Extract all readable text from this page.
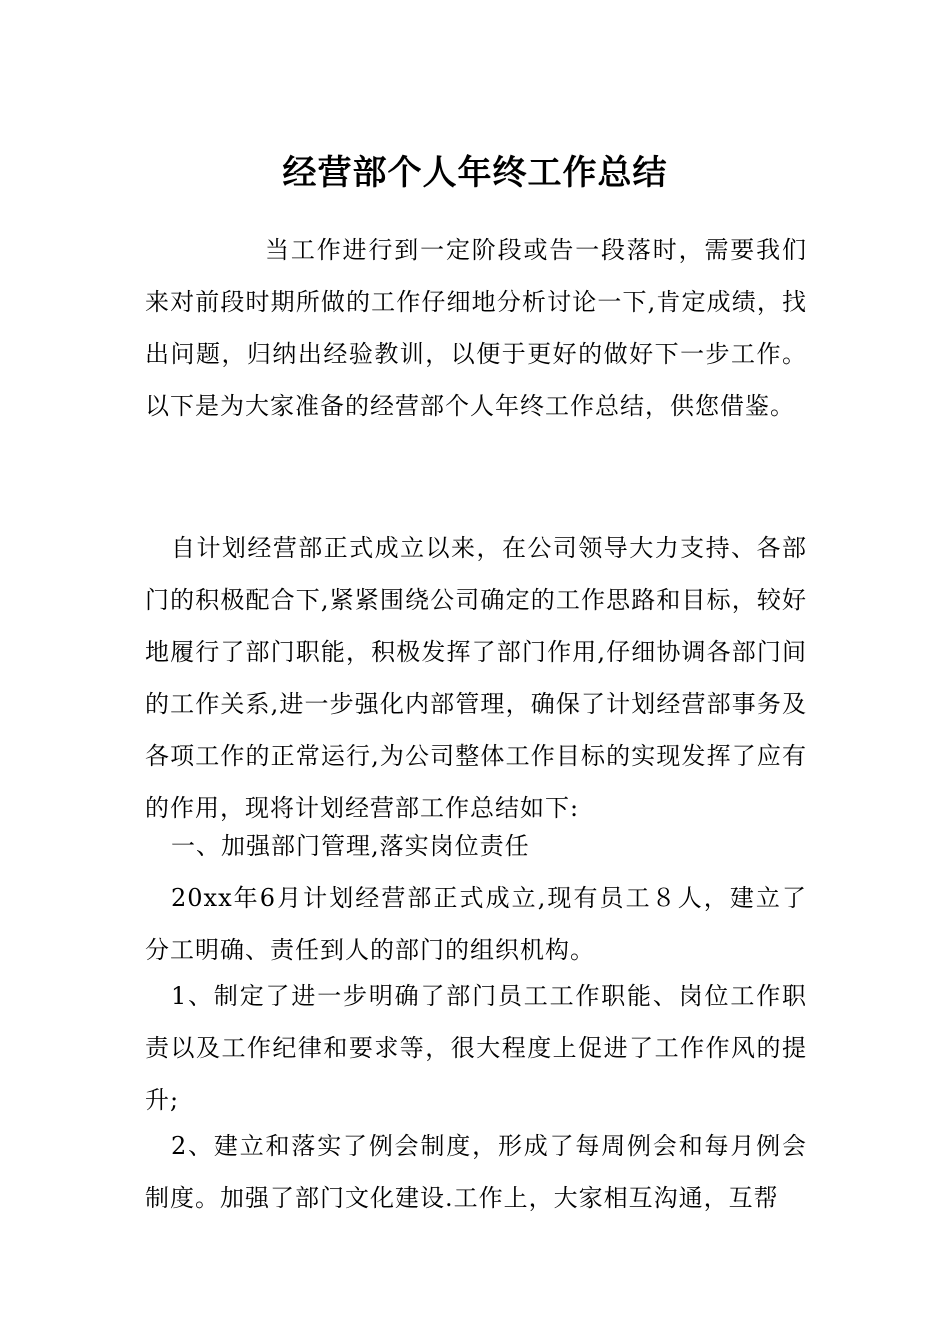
经营部个人年终工作总结

当工作进行到一定阶段或告一段落时，需要我们来对前段时期所做的工作仔细地分析讨论一下,肯定成绩，找出问题，归纳出经验教训，以便于更好的做好下一步工作。以下是为大家准备的经营部个人年终工作总结，供您借鉴。

自计划经营部正式成立以来，在公司领导大力支持、各部门的积极配合下,紧紧围绕公司确定的工作思路和目标，较好地履行了部门职能，积极发挥了部门作用,仔细协调各部门间的工作关系,进一步强化内部管理，确保了计划经营部事务及各项工作的正常运行,为公司整体工作目标的实现发挥了应有的作用，现将计划经营部工作总结如下:

一、加强部门管理,落实岗位责任

20xx年6月计划经营部正式成立,现有员工８人，建立了分工明确、责任到人的部门的组织机构。

1、制定了进一步明确了部门员工工作职能、岗位工作职责以及工作纪律和要求等，很大程度上促进了工作作风的提升;

2、建立和落实了例会制度，形成了每周例会和每月例会制度。加强了部门文化建设.工作上，大家相互沟通，互帮
